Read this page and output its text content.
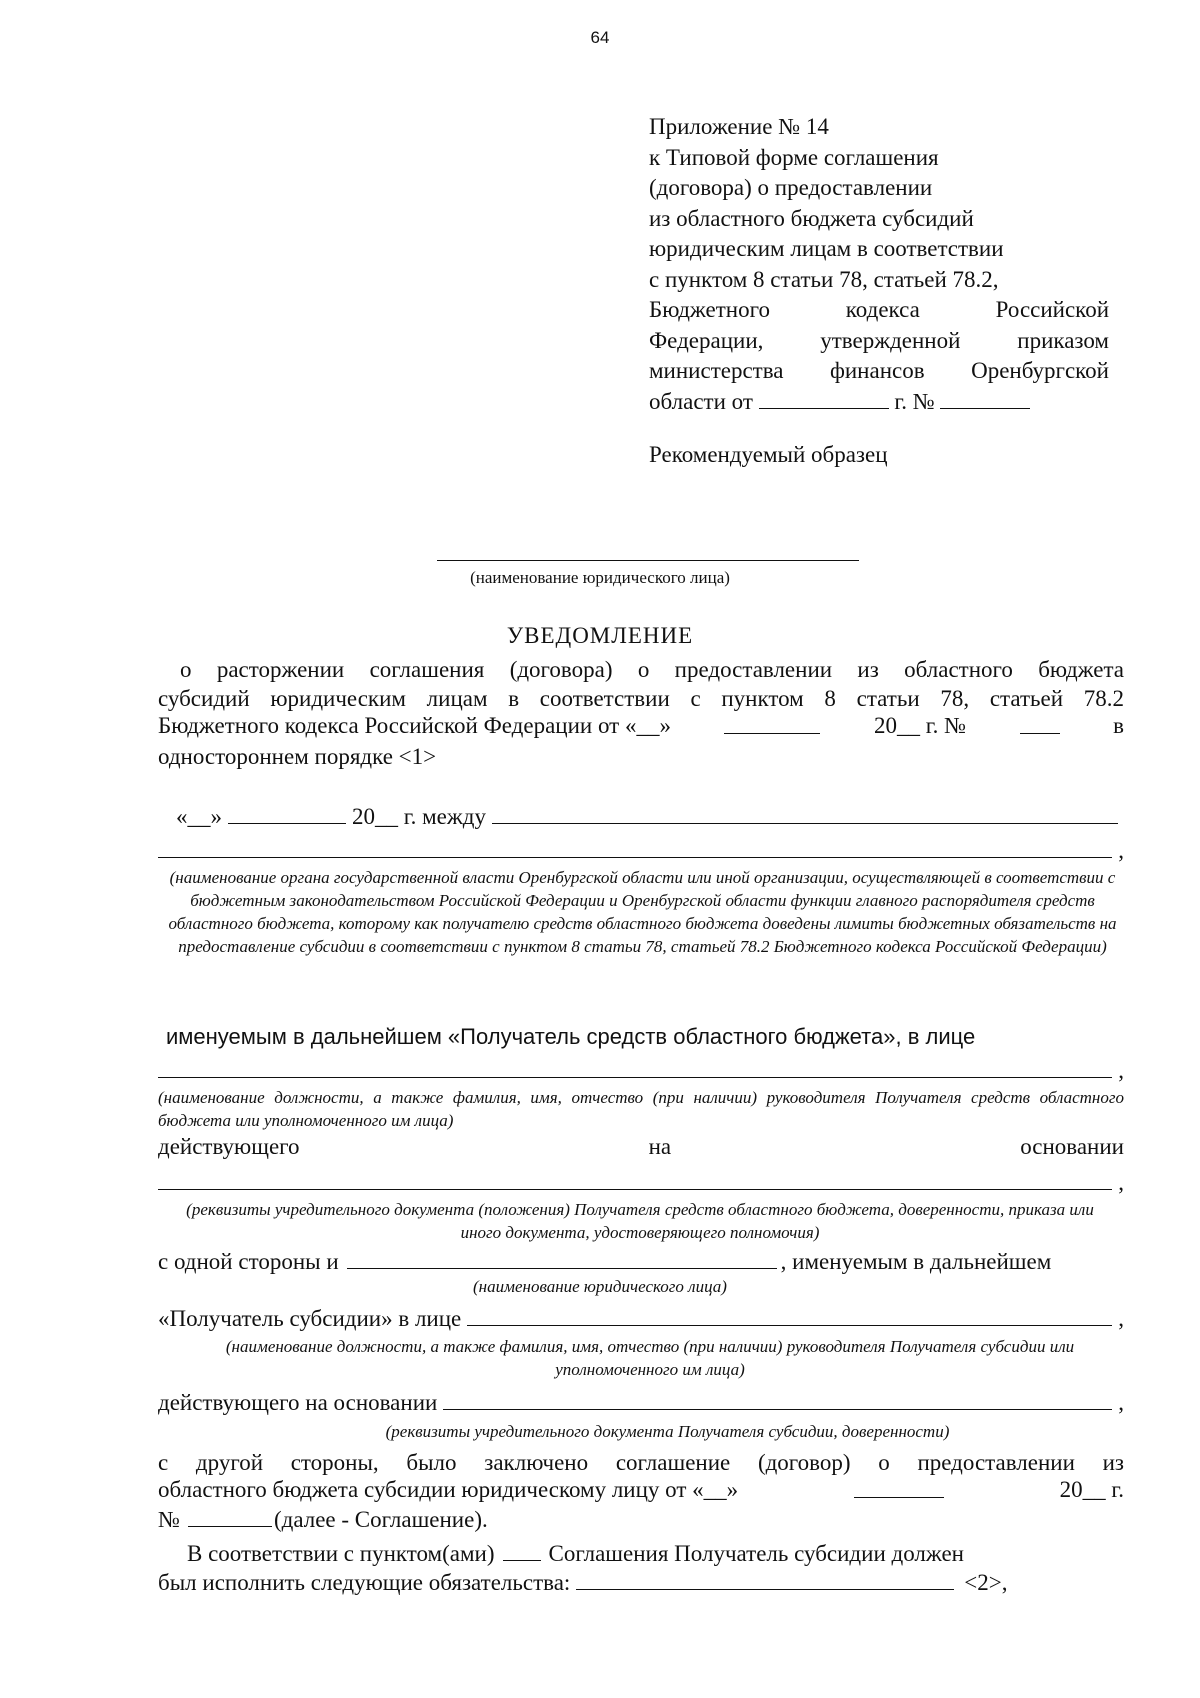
64
Приложение № 14
к Типовой форме соглашения
(договора) о предоставлении
из областного бюджета субсидий
юридическим лицам в соответствии
с пунктом 8 статьи 78, статьей 78.2,
Бюджетного кодекса Российской
Федерации, утвержденной приказом
министерства финансов Оренбургской
области от	г. №
Рекомендуемый образец
(наименование юридического лица)
УВЕДОМЛЕНИЕ
о расторжении соглашения (договора) о предоставлении из областного бюджета
субсидий юридическим лицам в соответствии с пунктом 8 статьи 78, статьей 78.2
Бюджетного кодекса Российской Федерации от «__»	20__ г. №	в
одностороннем порядке <1>
«__»	20__ г. между
,
(наименование органа государственной власти Оренбургской области или иной организации, осуществляющей в соответствии с бюджетным законодательством Российской Федерации и Оренбургской области функции главного распорядителя средств областного бюджета, которому как получателю средств областного бюджета доведены лимиты бюджетных обязательств на предоставление субсидии в соответствии с пунктом 8 статьи 78, статьей 78.2 Бюджетного кодекса Российской Федерации)
именуемым в дальнейшем «Получатель средств областного бюджета», в лице
,
(наименование должности, а также фамилия, имя, отчество (при наличии) руководителя Получателя средств областного бюджета или уполномоченного им лица)
действующего	на	основании
,
(реквизиты учредительного документа (положения) Получателя средств областного бюджета, доверенности, приказа или иного документа, удостоверяющего полномочия)
с одной стороны и	, именуемым в дальнейшем
(наименование юридического лица)
«Получатель субсидии» в лице	,
(наименование должности, а также фамилия, имя, отчество (при наличии) руководителя Получателя субсидии или уполномоченного им лица)
действующего на основании	,
(реквизиты учредительного документа Получателя субсидии, доверенности)
с другой стороны, было заключено соглашение (договор) о предоставлении из
областного бюджета субсидии юридическому лицу от «__»	20__ г.
№	(далее - Соглашение).
В соответствии с пунктом(ами) Соглашения Получатель субсидии должен
был исполнить следующие обязательства:	<2>,
